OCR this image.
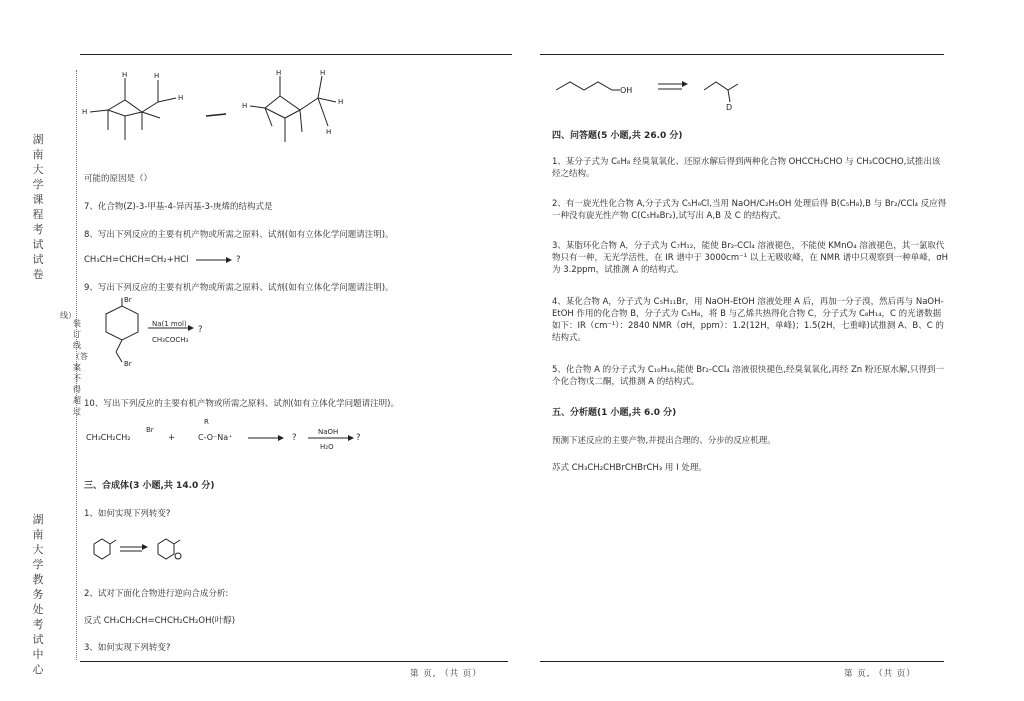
湖南大学课程考试试卷
湖南大学教务处考试中心
线）
装订线（答案不得超过
H	H
H
H
H	H
H	H
H
可能的原因是（）
7、化合物(Z)-3-甲基-4-异丙基-3-庚烯的结构式是
8、写出下列反应的主要有机产物或所需之原料、试剂(如有立体化学问题请注明)。
CH₃CH=CHCH=CH₂+HCl	?
9、写出下列反应的主要有机产物或所需之原料、试剂(如有立体化学问题请注明)。
Br
Br
Na(1 mol)
CH₃COCH₃
?
10、写出下列反应的主要有机产物或所需之原料、试剂(如有立体化学问题请注明)。
CH₃CH₂CH₂
Br
+
R
C-O⁻Na⁺	?
NaOH
H₂O
?
三、合成体(3 小题,共 14.0 分)
1、如何实现下列转变?
2、试对下面化合物进行逆向合成分析:
反式 CH₃CH₂CH=CHCH₂CH₂OH(叶醇)
3、如何实现下列转变?
第 页, （共 页）
OH
D
四、问答题(5 小题,共 26.0 分)
1、某分子式为 C₆H₈ 经臭氧氧化、还原水解后得到两种化合物 OHCCH₂CHO 与 CH₃COCHO,试推出该烃之结构。
2、有一旋光性化合物 A,分子式为 C₅H₉Cl,当用 NaOH/C₂H₅OH 处理后得 B(C₅H₈),B 与 Br₂/CCl₄ 反应得一种没有旋光性产物 C(C₅H₈Br₂),试写出 A,B 及 C 的结构式。
3、某脂环化合物 A，分子式为 C₇H₁₂，能使 Br₂-CCl₄ 溶液褪色，不能使 KMnO₄ 溶液褪色，其一氯取代物只有一种，无光学活性，在 IR 谱中于 3000cm⁻¹ 以上无吸收峰，在 NMR 谱中只观察到一种单峰，σH 为 3.2ppm，试推测 A 的结构式。
4、某化合物 A，分子式为 C₅H₁₁Br，用 NaOH-EtOH 溶液处理 A 后，再加一分子溴，然后再与 NaOH-EtOH 作用的化合物 B，分子式为 C₅H₈，将 B 与乙烯共热得化合物 C，分子式为 C₈H₁₄，C 的光谱数据如下：IR（cm⁻¹）：2840 NMR（σH，ppm）：1.2(12H，单峰)；1.5(2H，七重峰)试推测 A、B、C 的结构式。
5、化合物 A 的分子式为 C₁₀H₁₆,能使 Br₂-CCl₄ 溶液很快褪色,经臭氧氧化,再经 Zn 粉还原水解,只得到一个化合物戊二酮，试推测 A 的结构式。
五、分析题(1 小题,共 6.0 分)
预测下述反应的主要产物,并提出合理的、分步的反应机理。
苏式 CH₃CH₂CHBrCHBrCH₃ 用 I 处理。
第 页, （共 页）
